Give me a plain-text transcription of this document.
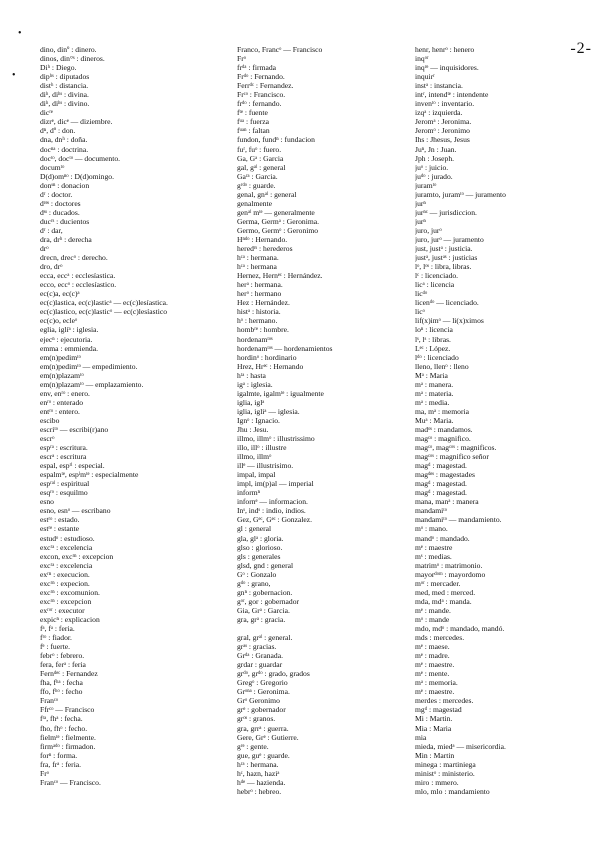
-2-
•
•
dino, dinº : dinero.
dinos, din°ˢ : dineros.
Diʰ : Diego.
dipʰˢ : diputados
distʰ : distancia.
diʰ, diʰˢ : divina.
diʰ, diʰˢ : divino.
dicʳᵉ
dizrᵉ, dicᵉ — diziembre.
dⁿ, dº : don.
dna, dnʰ : doña.
docⁿᵃ : doctrina.
docᵗᵒ, docᵗᵒ — documento.
documᵗᵒ
D(d)omⁿᵒ : D(d)omingo.
donˢⁿ : donacion
dʳ : doctor.
dʳᵉˢ : doctores
dˢˢ : ducados.
ducʳˢ : ducientos
dʳ : dar,
dra, drʰ : derecha
drᵒ
drecn, drecᵒ : derecho.
dro, drᵒ
ecca, eccᵃ : ecclesíastica.
ecco, eccᵒ : ecclesíastico.
ec(c)a, ec(c)ᵃ
ec(c)lastica, ec(c)lasticᵃ — ec(c)lesíastica.
ec(c)lastico, ec(c)lasticᵒ — ec(c)lesíastico
ec(c)o, ecleᵒ
eglia, iglíᵃ : iglesia.
ejecⁿ : ejecutoria.
emma : emmienda.
em(n)pedimᵗᵒ
em(n)pedimᵗᵒ — empedimiento.
em(n)plazamᵗᵒ
em(n)plazamᵗᵒ — emplazamiento.
env, enʳᵒ : enero.
enʳᵒ : enterado
entʳᵒ : entero.
escibo
escriᵗᵒ — escribi(r)ano
escrᵒ
espʳᵃ : escritura.
escrᵃ : escritura
espal, espʳˡ : especial.
espalmᵗᵉ, espˡmᵗᵉ : especialmente
espʳᵃˡ : espiritual
esqʳᵒ : esquilmo
esno
esno, esnᵒ — escribano
estʳᵒ : estado.
estʳᵉ : estante
estudᵒ : estudioso.
excʳᵃ : excelencia
excon, excʳⁿ : excepcion
excʳᵃ : excelencia
exʳⁿ : execucion.
excʳⁿ : expecion.
excʳⁿ : excomunion.
excʳⁿ : excepcion
exʳᵒʳ : executor
expicⁿ : explicacion
fᵃ, fᵃ : feria.
fʳᵒ : fiador.
fᵉ : fuerte.
febrᵒ : febrero.
fera, ferᵃ : feria
Fernᵈᵉᶜ : Fernandez
fha, fʰᵃ : fecha
ffo, fʰᵒ : fecho
Franᶜᵒ
Ffrᶜᵒ — Francisco
fʳᵃ, fhᵃ : fecha.
fho, fhᵒ : fecho.
fielmᵗᵉ : fielmente.
firmᵃᵈᵒ : firmadon.
forⁿ : forma.
fra, frᵃ : feria.
Frᵒ
Franᶜᵒ — Francisco.
Franco, Francᵒ — Francisco
Frᵒ
frᵈᵃ : firmada
Frᵈᵒ : Fernando.
Ferrᵈᶜ : Fernandez.
Frᶜᵒ : Francisco.
frᵈᵒ : fernando.
fᵗᵉ : fuente
fᵘᵃ : fuerza
fᵘᵃⁿ : faltan
fundon, fundⁿ : fundacion
fuʳ, fuᵒ : fuero.
Ga, Gᵃ : Garcia
gal, gᵃˡ : general
Gaʳᵃ : Garcia.
gʳᵈᵒ : guarde.
genal, gnᵃˡ : general
genalmente
genᵃˡ mᵗᵉ — generalmente
Germa, Germᵃ : Geronima.
Germo, Germᵒ : Geronimo
Hⁿᵈᵒ : Hernando.
heredʳˢ : herederos
hᶜᵃ : hermana.
hᶜᵃ : hermana
Hernez, Hernᵉᶜ : Hernández.
herᵃ : hermana.
herᵒ : hermano
Hez : Hernández.
histᵃ : historia.
hᵒ : hermano.
hombʳᵉ : hombre.
hordenamᵗᵒˢ
hordenamᵗᵒˢ — hordenamientos
hordinᵒ : hordinario
Hrez, Hrᵉᶜ : Hernando
hᵗᵃ : hasta
igᵃ : iglesia.
igalmte, igalmᵗᵉ : igualmente
iglia, iglᵃ
iglia, igliᵃ — iglesia.
Ignᵒ : Ignacio.
Jhu : Jesu.
illmo, illmᵒ : illustrissimo
illo, illᵒ : illustre
illmo, illmᵒ
illᵉ — illustrisimo.
impal, impal
impl, im(p)al — imperial
informⁿ
infornᵉ — informacion.
Inˢ, indˢ : indio, indios.
Gez, Gᵉᶜ, Gᵉᶜ : Gonzalez.
gl : general
gla, glᵃ : gloria.
glso : glorioso.
gls : generales
glsd, gnd : general
Gᵒ : Gonzalo
gᵈᵒ : grano,
gnⁿ : gobernacion.
gᵒʳ, gor : gobernador
Gia, Grᵃ : Garcia.
gra, grᵃ : gracia.
gral, grᵃˡ : general.
grᵃˢ : gracias.
Grᵈᵃ : Granada.
grdar : guardar
grᵈᵒ, grᵈᵒ : grado, grados
Gregᵒ : Gregorio
Grᵒⁿᵃ : Geronima.
Grᵒ Geronimo
grᵉ : gobernador
grᵒˢ : granos.
gra, grrᵃ : guerra.
Gere, Grᵉ : Gutierre.
gʳᵉ : gente.
gue, guᵉ : guarde.
hʳᵃ : hermana.
hᶜ, hazn, haziᵃ
hᵈᵉ — hazienda.
hebrᵒ : hebreo.
henr, henrᵒ : henero
inqᵒʳ
inqʳᵉ — inquisidores.
inquirʳ
instᵃ : instancia.
intʳ, intendᵗᵉ : intendente
invenᵗᵒ : inventario.
izqᵃ : izquierda.
Jeromᵃ : Jeronima.
Jeromᵒ : Jeronimo
Ihs : Jhesus, Jesus
Juⁿ, Jn : Juan.
Jph : Joseph.
juᵒ : juicio.
juᵈᵒ : jurado.
juramᵗᵒ
juramto, juramᵗᵒ — juramento
jurⁿ
jurⁿᶜ — jurisdiccion.
jurⁿ
juro, jurᵒ
juro, jurᵒ — juramento
just, justᵃ : justicia.
justᵃ, justᵃˢ : justicias
lᵒ, lᵒˢ : libra, libras.
lᶜ : licenciado.
licᵃ : licencia
licᵈᵒ
licenᵈᵒ — licenciado.
licᵒ
lif(x)imᵒ — li(x)ximos
loⁿ : licencia
lˢ, lˢ : libras.
Lᵉᶜ : López.
lᵈᵒ : licenciado
lleno, llenᵒ : lleno
Mᵃ : Maria
mᵃ : manera.
mᵃ : materia.
mᵃ : media.
ma, mᵃ : memoria
Muᵃ : Maria.
madᵒˢ : mandamos.
magᶜᵒ : magnifico.
magᶜᵒ, magᶜᵒˢ : magnificos.
magᶜᵒˢ : magnifico señor
magᵈ : magestad.
magᵈᵉˢ : magestades
magᵈ : magestad.
magᵈ : magestad.
mana, manᵃ : manera
mandamiᵗᵒ
mandamiᵗᵒ — mandamiento.
mᵒ : mano.
mandᵒ : mandado.
mᵉ : maestre
mˢ : medias.
matrimᵒ : matrimonio.
mayorᵈᵒᵐ : mayordomo
mᵒʳ : mercader.
med, med : merced.
mda, mdᵃ : manda.
mᵉ : mande.
mᵒ : mande
mdo, mdᵒ : mandado, mandó.
mds : mercedes.
mᵉ : maese.
mᵉ : madre.
mᵉ : maestre.
mᵉ : mente.
mᵃ : memoria.
mᵉ : maestre.
merdes : mercedes.
mgᵈ : magestad
Mi : Martin.
Mia : Maria
mia
mieda, miedᵃ — misericordia.
Min : Martin
minega : martiniega
ministᵒ : ministerio.
miro : mmero.
mlo, mlo : mandamiento
